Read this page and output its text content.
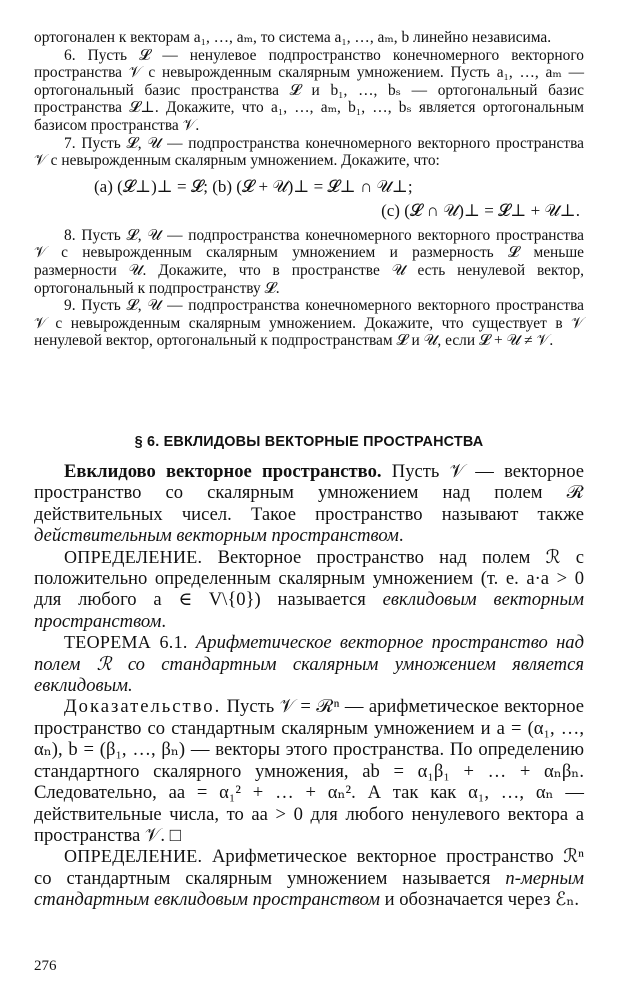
ортогонален к векторам a₁, …, aₘ, то система a₁, …, aₘ, b линейно независима.

6. Пусть 𝓛 — ненулевое подпространство конечномерного векторного пространства 𝒱 с невырожденным скалярным умножением. Пусть a₁, …, aₘ — ортогональный базис пространства 𝓛 и b₁, …, bₛ — ортогональный базис пространства 𝓛⊥. Докажите, что a₁, …, aₘ, b₁, …, bₛ является ортогональным базисом пространства 𝒱.

7. Пусть 𝓛, 𝒰 — подпространства конечномерного векторного пространства 𝒱 с невырожденным скалярным умножением. Докажите, что:

(a) (𝓛⊥)⊥ = 𝓛; (b) (𝓛 + 𝒰)⊥ = 𝓛⊥ ∩ 𝒰⊥;

(c) (𝓛 ∩ 𝒰)⊥ = 𝓛⊥ + 𝒰⊥.

8. Пусть 𝓛, 𝒰 — подпространства конечномерного векторного пространства 𝒱 с невырожденным скалярным умножением и размерность 𝓛 меньше размерности 𝒰. Докажите, что в пространстве 𝒰 есть ненулевой вектор, ортогональный к подпространству 𝓛.

9. Пусть 𝓛, 𝒰 — подпространства конечномерного векторного пространства 𝒱 с невырожденным скалярным умножением. Докажите, что существует в 𝒱 ненулевой вектор, ортогональный к подпространствам 𝓛 и 𝒰, если 𝓛 + 𝒰 ≠ 𝒱.

§ 6. ЕВКЛИДОВЫ ВЕКТОРНЫЕ ПРОСТРАНСТВА

Евклидово векторное пространство. Пусть 𝒱 — векторное пространство со скалярным умножением над полем ℛ действительных чисел. Такое пространство называют также действительным векторным пространством.

ОПРЕДЕЛЕНИЕ. Векторное пространство над полем ℛ с положительно определенным скалярным умножением (т. е. a·a > 0 для любого a ∈ V\{0}) называется евклидовым векторным пространством.

ТЕОРЕМА 6.1. Арифметическое векторное пространство над полем ℛ со стандартным скалярным умножением является евклидовым.

Доказательство. Пусть 𝒱 = ℛⁿ — арифметическое векторное пространство со стандартным скалярным умножением и a = (α₁, …, αₙ), b = (β₁, …, βₙ) — векторы этого пространства. По определению стандартного скалярного умножения, ab = α₁β₁ + … + αₙβₙ. Следовательно, aa = α₁² + … + αₙ². А так как α₁, …, αₙ — действительные числа, то aa > 0 для любого ненулевого вектора a пространства 𝒱. □

ОПРЕДЕЛЕНИЕ. Арифметическое векторное пространство ℛⁿ со стандартным скалярным умножением называется n-мерным стандартным евклидовым пространством и обозначается через ℰₙ.

276
